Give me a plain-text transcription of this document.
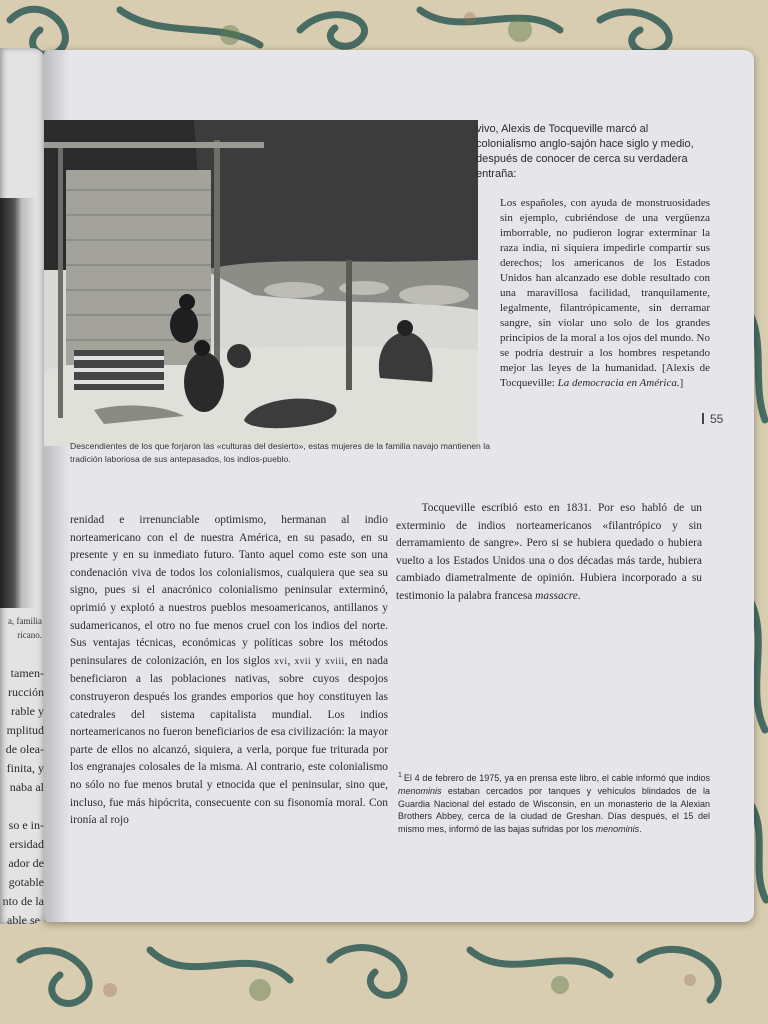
a, familia
ricano.
tamen-
rucción
rable y
mplitud
de olea-
finita, y
naba al

so e in-
ersidad
ador de
gotable
nto de la
able se-
Descendientes de los que forjaron las «culturas del desierto», estas mujeres de la familia navajo mantienen la tradición laboriosa de sus antepasados, los indios-pueblo.
vivo, Alexis de Tocqueville marcó al colonialismo anglo-sajón hace siglo y medio, después de conocer de cerca su verdadera entraña:
Los españoles, con ayuda de monstruosidades sin ejemplo, cubriéndose de una vergüenza imborrable, no pudieron lograr exterminar la raza india, ni siquiera impedirle compartir sus derechos; los americanos de los Estados Unidos han alcanzado ese doble resultado con una maravillosa facilidad, tranquilamente, legalmente, filantrópicamente, sin derramar sangre, sin violar uno solo de los grandes principios de la moral a los ojos del mundo. No se podría destruir a los hombres respetando mejor las leyes de la humanidad. [Alexis de Tocqueville: La democracia en América.]
55
renidad e irrenunciable optimismo, hermanan al indio norteamericano con el de nuestra América, en su pasado, en su presente y en su inmediato futuro. Tanto aquel como este son una condenación viva de todos los colonialismos, cualquiera que sea su signo, pues si el anacrónico colonialismo peninsular exterminó, oprimió y explotó a nuestros pueblos mesoamericanos, antillanos y sudamericanos, el otro no fue menos cruel con los indios del norte. Sus ventajas técnicas, económicas y políticas sobre los métodos peninsulares de colonización, en los siglos xvi, xvii y xviii, en nada beneficiaron a las poblaciones nativas, sobre cuyos despojos construyeron después los grandes emporios que hoy constituyen las catedrales del sistema capitalista mundial. Los indios norteamericanos no fueron beneficiarios de esa civilización: la mayor parte de ellos no alcanzó, siquiera, a verla, porque fue triturada por los engranajes colosales de la misma. Al contrario, este colonialismo no sólo no fue menos brutal y etnocida que el peninsular, sino que, incluso, fue más hipócrita, consecuente con su fisonomía moral. Con ironía al rojo
Tocqueville escribió esto en 1831. Por eso habló de un exterminio de indios norteamericanos «filantrópico y sin derramamiento de sangre». Pero si se hubiera quedado o hubiera vuelto a los Estados Unidos una o dos décadas más tarde, hubiera cambiado diametralmente de opinión. Hubiera incorporado a su testimonio la palabra francesa massacre.
$^1$ El 4 de febrero de 1975, ya en prensa este libro, el cable informó que indios menominis estaban cercados por tanques y vehículos blindados de la Guardia Nacional del estado de Wisconsin, en un monasterio de la Alexian Brothers Abbey, cerca de la ciudad de Greshan. Días después, el 15 del mismo mes, informó de las bajas sufridas por los menominis.
